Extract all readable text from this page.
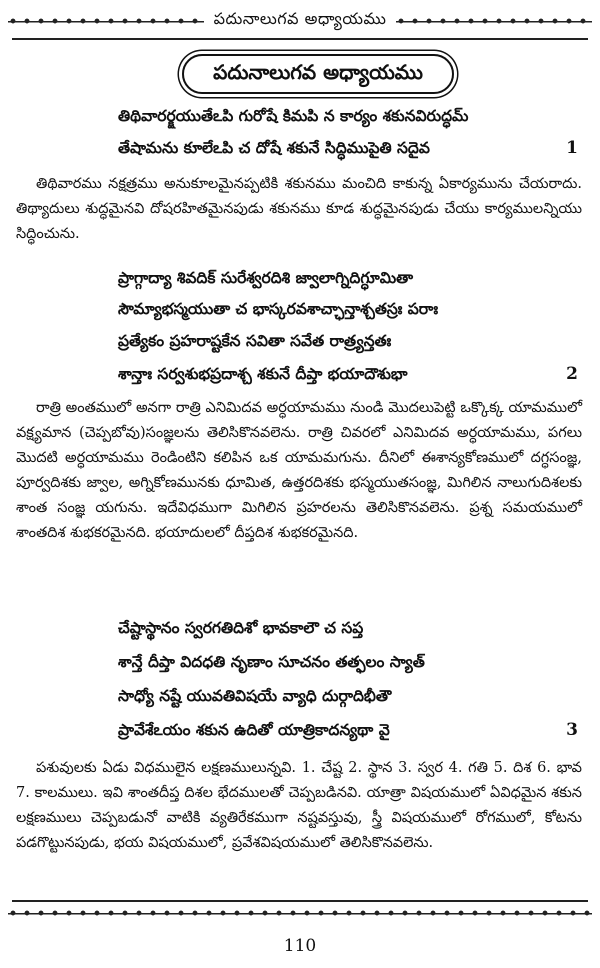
పదునాలుగవ అధ్యాయము
పదునాలుగవ అధ్యాయము
తిథివారర్క్షయుతేఽపి గురోషే కిమపి న కార్యం శకునవిరుద్ధమ్
తేషామను కూలేఽపి చ దోషే శకునే సిద్ధిముపైతి సదైవ	1
తిథివారము నక్షత్రము అనుకూలమైనప్పటికి శకునము మంచిది కాకున్న ఏకార్యమును చేయరాదు. తిథ్యాదులు శుద్ధమైనవి దోషరహితమైనపుడు శకునము కూడ శుద్ధమైనపుడు చేయు కార్యములన్నియు సిద్ధించును.
ప్రాగ్గాద్యా శివదిక్ సురేశ్వరదిశి జ్వాలాగ్నిదిగ్ధూమితా
సౌమ్యాభస్మయుతా చ భాస్కరవశాచ్ఛాన్తాశ్చతస్రః పరాః
ప్రత్యేకం ప్రహరాష్టకేన సవితా సవేత రాత్ర్యన్తతః
శాన్తాః సర్వశుభప్రదాశ్చ శకునే దీప్తా భయాదౌశుభా	2
రాత్రి అంతములో అనగా రాత్రి ఎనిమిదవ అర్ధయామము నుండి మొదలుపెట్టి ఒక్కొక్క యామములో వక్ష్యమాన (చెప్పబోవు)సంజ్ఞలను తెలిసికొనవలెను. రాత్రి చివరలో ఎనిమిదవ అర్ధయామము, పగలు మొదటి అర్ధయామము రెండింటిని కలిపిన ఒక యామమగును. దీనిలో ఈశాన్యకోణములో దగ్ధసంజ్ఞ, పూర్వదిశకు జ్వాల, అగ్నికోణమునకు ధూమిత, ఉత్తరదిశకు భస్మయుతసంజ్ఞ, మిగిలిన నాలుగుదిశలకు శాంత సంజ్ఞ యగును. ఇదేవిధముగా మిగిలిన ప్రహరలను తెలిసికొనవలెను. ప్రశ్న సమయములో శాంతదిశ శుభకరమైనది. భయాదులలో దీప్తదిశ శుభకరమైనది.
చేష్టాస్థానం స్వరగతిదిశో భావకాలౌ చ సప్త
శాన్తే దీప్తా విదధతి నృణాం సూచనం తత్ఫలం స్యాత్
సాధ్యో నష్టే యువతివిషయే వ్యాధి దుర్గాదిభీతౌ
ప్రావేశేఽయం శకున ఉదితో యాత్రికాదన్యథా వై	3
పశువులకు ఏడు విధములైన లక్షణములున్నవి. 1. చేష్ట 2. స్థాన 3. స్వర 4. గతి 5. దిశ 6. భావ 7. కాలములు. ఇవి శాంతదీప్త దిశల భేదములతో చెప్పబడినవి. యాత్రా విషయములో ఏవిధమైన శకున లక్షణములు చెప్పబడునో వాటికి వ్యతిరేకముగా నష్టవస్తువు, స్త్రీ విషయములో రోగములో, కోటను పడగొట్టునపుడు, భయ విషయములో, ప్రవేశవిషయములో తెలిసికొనవలెను.
110
